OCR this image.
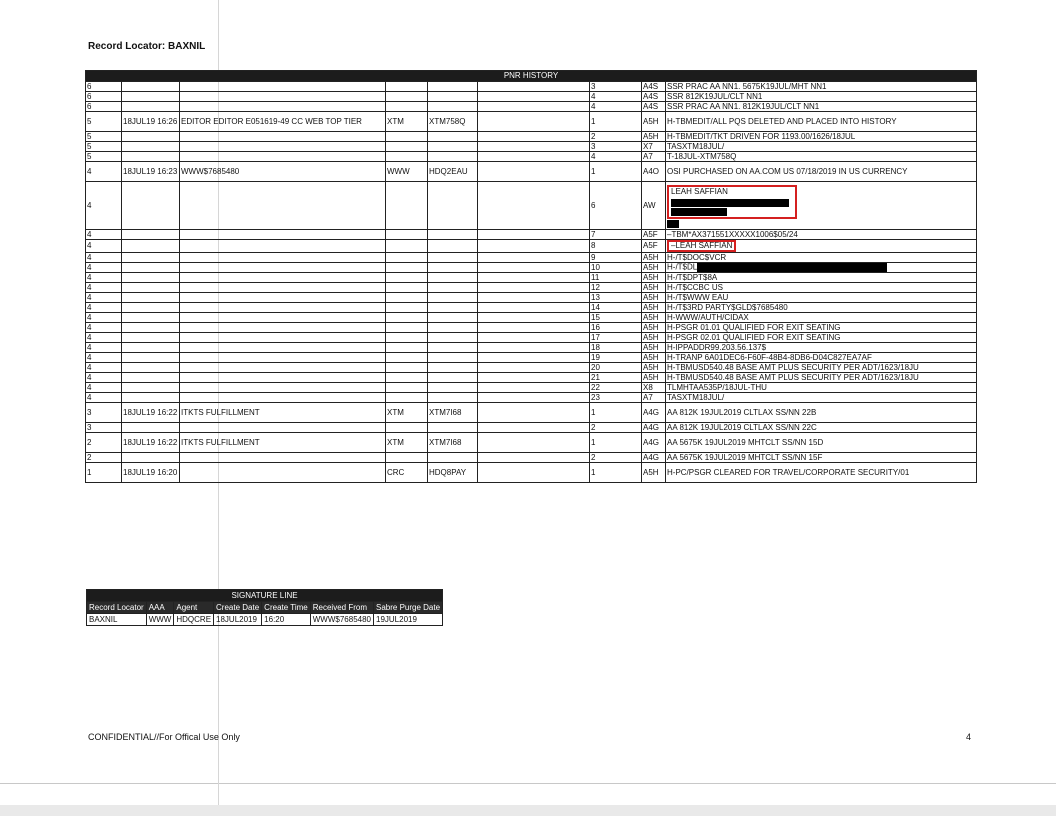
Record Locator: BAXNIL
PNR HISTORY								
6						3	A4S	SSR PRAC AA NN1. 5675K19JUL/MHT NN1
6						4	A4S	SSR 812K19JUL/CLT NN1
6						4	A4S	SSR PRAC AA NN1. 812K19JUL/CLT NN1
5	18JUL19 16:26	EDITOR EDITOR E051619-49 CC WEB TOP TIER	XTM	XTM758Q		1	A5H	H-TBMEDIT/ALL PQS DELETED AND PLACED INTO HISTORY
5						2	A5H	H-TBMEDIT/TKT DRIVEN FOR 1193.00/1626/18JUL
5						3	X7	TASXTM18JUL/
5						4	A7	T-18JUL-XTM758Q
4	18JUL19 16:23	WWW$7685480	WWW	HDQ2EAU		1	A4O	OSI PURCHASED ON AA.COM US 07/18/2019 IN US CURRENCY
4						6	AW	LEAH SAFFIAN

4						7	A5F	–TBM*AX371551XXXXX1006$05/24
4						8	A5F	–LEAH SAFFIAN
4						9	A5H	H-/T$DOC$VCR
4						10	A5H	H-/T$DL
4						11	A5H	H-/T$DPT$8A
4						12	A5H	H-/T$CCBC US
4						13	A5H	H-/T$WWW EAU
4						14	A5H	H-/T$3RD PARTY$GLD$7685480
4						15	A5H	H-WWW/AUTH/CIDAX
4						16	A5H	H-PSGR 01.01 QUALIFIED FOR EXIT SEATING
4						17	A5H	H-PSGR 02.01 QUALIFIED FOR EXIT SEATING
4						18	A5H	H-IPPADDR99.203.56.137$
4						19	A5H	H-TRANP 6A01DEC6-F60F-48B4-8DB6-D04C827EA7AF
4						20	A5H	H-TBMUSD540.48 BASE AMT PLUS SECURITY PER ADT/1623/18JU
4						21	A5H	H-TBMUSD540.48 BASE AMT PLUS SECURITY PER ADT/1623/18JU
4						22	X8	TLMHTAA535P/18JUL-THU
4						23	A7	TASXTM18JUL/
3	18JUL19 16:22	ITKTS FULFILLMENT	XTM	XTM7I68		1	A4G	AA 812K 19JUL2019 CLTLAX SS/NN 22B
3						2	A4G	AA 812K 19JUL2019 CLTLAX SS/NN 22C
2	18JUL19 16:22	ITKTS FULFILLMENT	XTM	XTM7I68		1	A4G	AA 5675K 19JUL2019 MHTCLT SS/NN 15D
2						2	A4G	AA 5675K 19JUL2019 MHTCLT SS/NN 15F
1	18JUL19 16:20		CRC	HDQ8PAY		1	A5H	H-PC/PSGR CLEARED FOR TRAVEL/CORPORATE SECURITY/01
SIGNATURE LINE						
Record Locator	AAA	Agent	Create Date	Create Time	Received From	Sabre Purge Date
BAXNIL	WWW	HDQCRE	18JUL2019	16:20	WWW$7685480	19JUL2019
CONFIDENTIAL//For Offical Use Only	4
